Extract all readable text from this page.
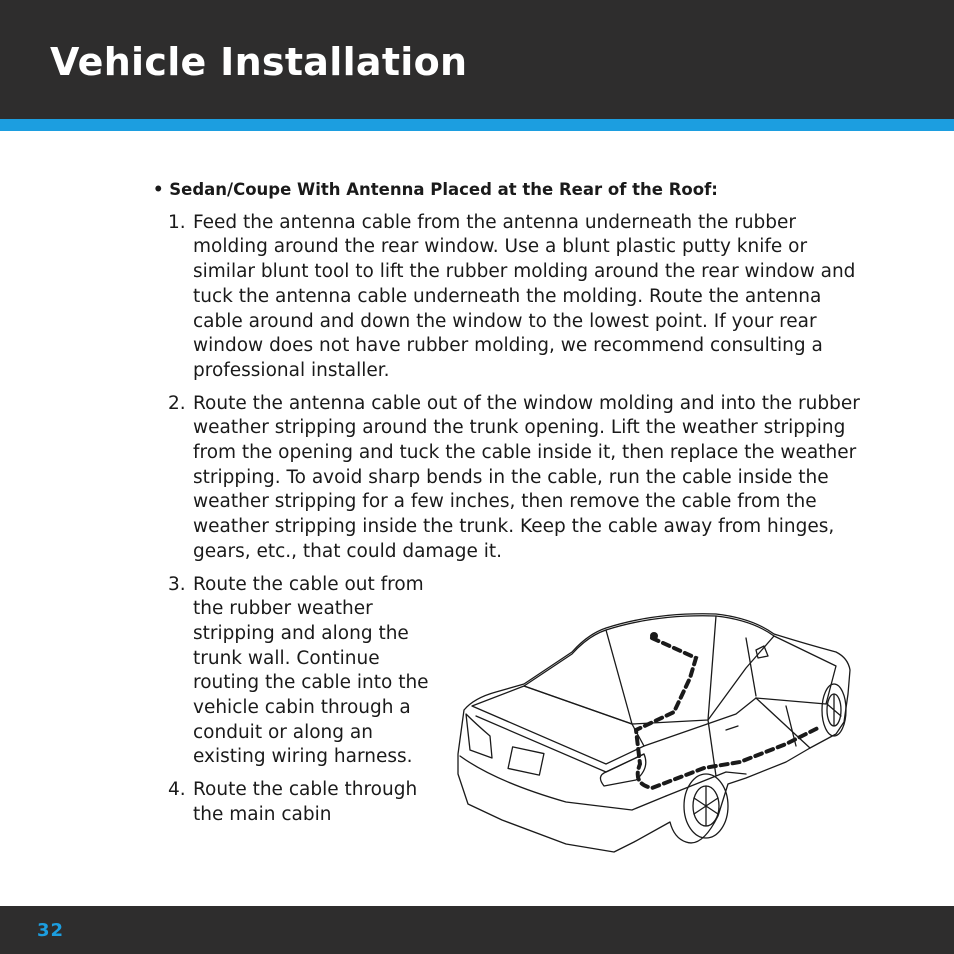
Vehicle Installation
• Sedan/Coupe With Antenna Placed at the Rear of the Roof:
1. Feed the antenna cable from the antenna underneath the rubber molding around the rear window. Use a blunt plastic putty knife or similar blunt tool to lift the rubber molding around the rear window and tuck the antenna cable underneath the molding. Route the antenna cable around and down the window to the lowest point. If your rear window does not have rubber molding, we recommend consulting a professional installer.
2. Route the antenna cable out of the window molding and into the rubber weather stripping around the trunk opening. Lift the weather stripping from the opening and tuck the cable inside it, then replace the weather stripping. To avoid sharp bends in the cable, run the cable inside the weather stripping for a few inches, then remove the cable from the weather stripping inside the trunk. Keep the cable away from hinges, gears, etc., that could damage it.
3. Route the cable out from the rubber weather stripping and along the trunk wall. Continue routing the cable into the vehicle cabin through a conduit or along an existing wiring harness.
4. Route the cable through the main cabin
32
